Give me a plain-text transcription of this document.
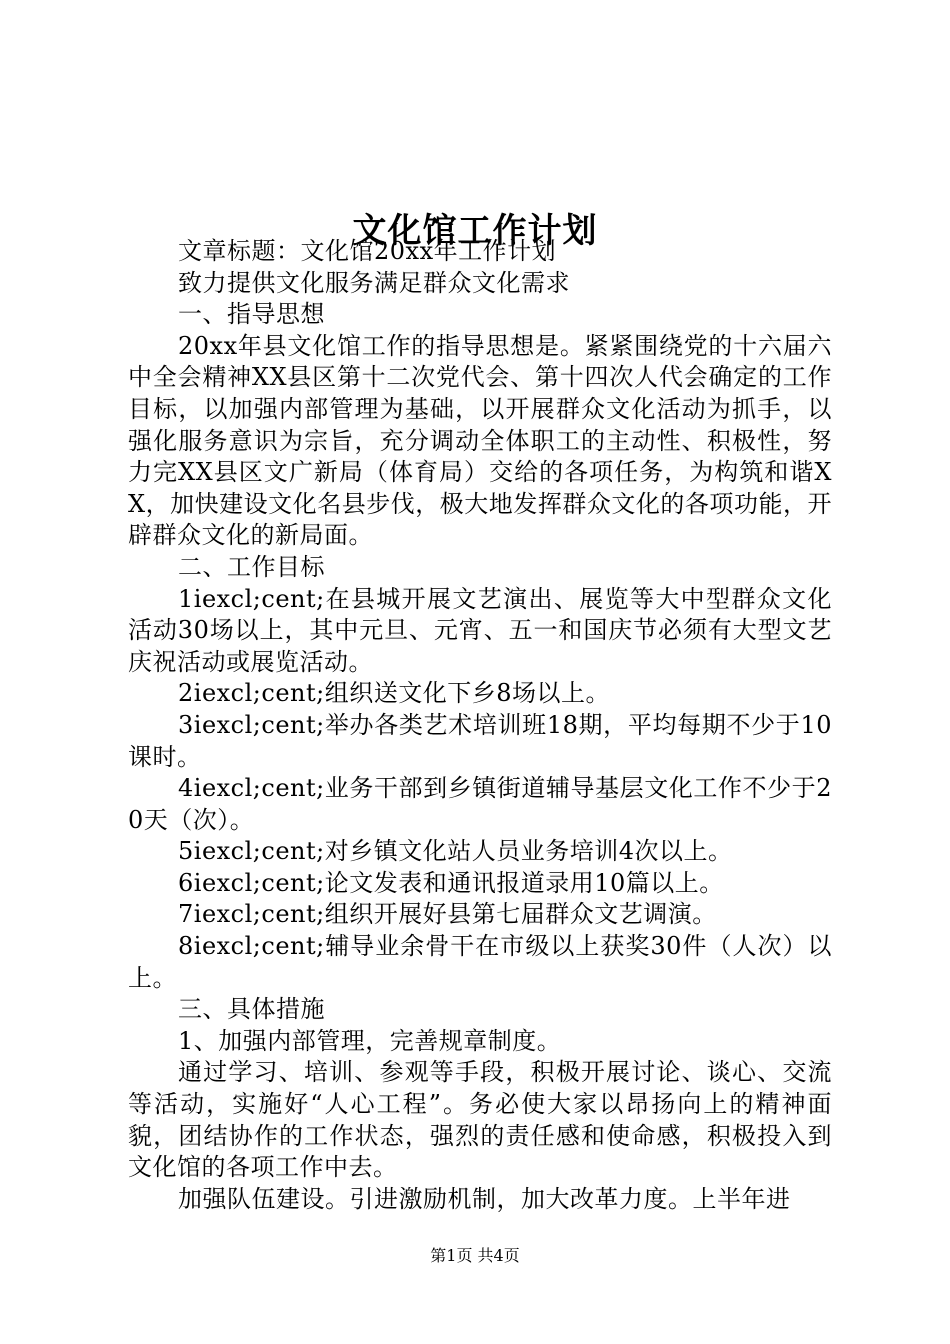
文化馆工作计划

文章标题：文化馆20xx年工作计划

致力提供文化服务满足群众文化需求

一、指导思想

20xx年县文化馆工作的指导思想是。紧紧围绕党的十六届六中全会精神XX县区第十二次党代会、第十四次人代会确定的工作目标，以加强内部管理为基础，以开展群众文化活动为抓手，以强化服务意识为宗旨，充分调动全体职工的主动性、积极性，努力完XX县区文广新局（体育局）交给的各项任务，为构筑和谐XX，加快建设文化名县步伐，极大地发挥群众文化的各项功能，开辟群众文化的新局面。

二、工作目标

1iexcl;cent;在县城开展文艺演出、展览等大中型群众文化活动30场以上，其中元旦、元宵、五一和国庆节必须有大型文艺庆祝活动或展览活动。

2iexcl;cent;组织送文化下乡8场以上。

3iexcl;cent;举办各类艺术培训班18期，平均每期不少于10课时。

4iexcl;cent;业务干部到乡镇街道辅导基层文化工作不少于20天（次）。

5iexcl;cent;对乡镇文化站人员业务培训4次以上。

6iexcl;cent;论文发表和通讯报道录用10篇以上。

7iexcl;cent;组织开展好县第七届群众文艺调演。

8iexcl;cent;辅导业余骨干在市级以上获奖30件（人次）以上。

三、具体措施

1、加强内部管理，完善规章制度。

通过学习、培训、参观等手段，积极开展讨论、谈心、交流等活动，实施好“人心工程”。务必使大家以昂扬向上的精神面貌，团结协作的工作状态，强烈的责任感和使命感，积极投入到文化馆的各项工作中去。

加强队伍建设。引进激励机制，加大改革力度。上半年进

第1页 共4页
